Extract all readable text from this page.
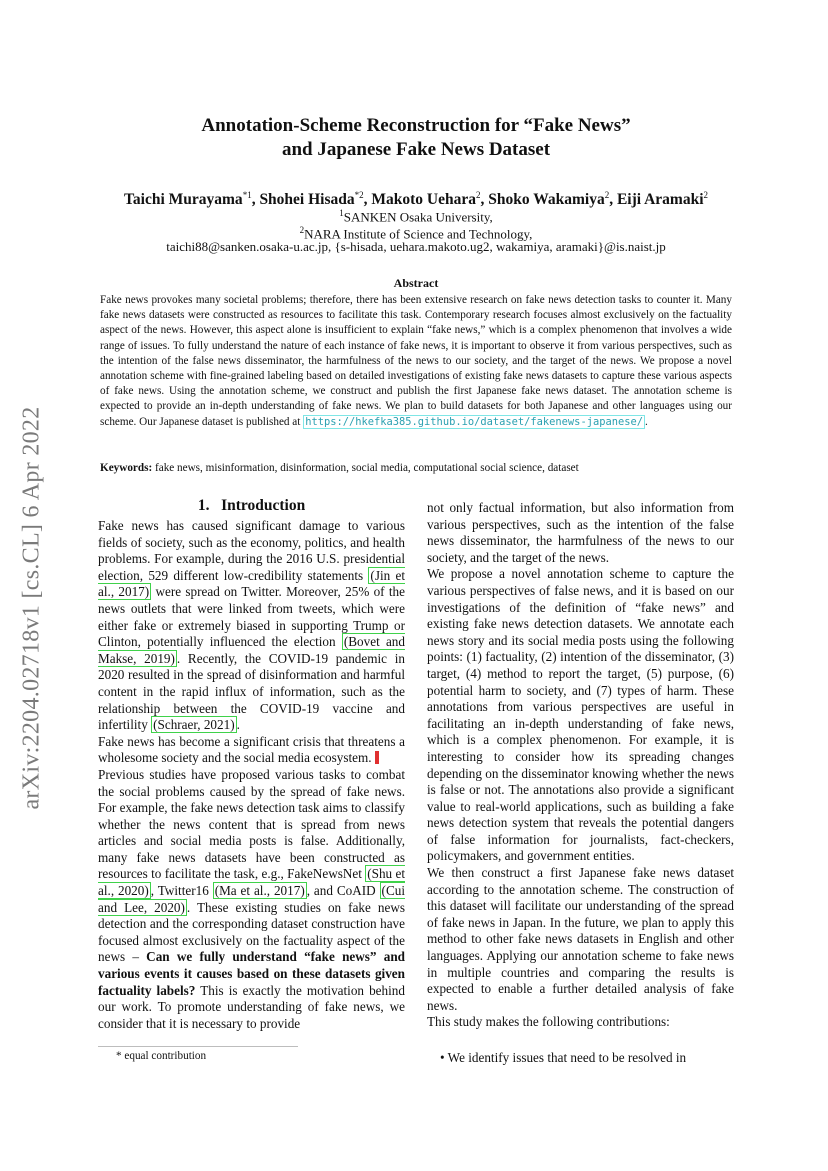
arXiv:2204.02718v1 [cs.CL] 6 Apr 2022
Annotation-Scheme Reconstruction for “Fake News”
and Japanese Fake News Dataset
Taichi Murayama$^{*1}$, Shohei Hisada$^{*2}$, Makoto Uehara$^2$, Shoko Wakamiya$^2$, Eiji Aramaki$^2$
$^1$SANKEN Osaka University,
$^2$NARA Institute of Science and Technology,
taichi88@sanken.osaka-u.ac.jp, {s-hisada, uehara.makoto.ug2, wakamiya, aramaki}@is.naist.jp
Abstract
Fake news provokes many societal problems; therefore, there has been extensive research on fake news detection tasks to counter it. Many fake news datasets were constructed as resources to facilitate this task. Contemporary research focuses almost exclusively on the factuality aspect of the news. However, this aspect alone is insufficient to explain “fake news,” which is a complex phenomenon that involves a wide range of issues. To fully understand the nature of each instance of fake news, it is important to observe it from various perspectives, such as the intention of the false news disseminator, the harmfulness of the news to our society, and the target of the news. We propose a novel annotation scheme with fine-grained labeling based on detailed investigations of existing fake news datasets to capture these various aspects of fake news. Using the annotation scheme, we construct and publish the first Japanese fake news dataset. The annotation scheme is expected to provide an in-depth understanding of fake news. We plan to build datasets for both Japanese and other languages using our scheme. Our Japanese dataset is published at https://hkefka385.github.io/dataset/fakenews-japanese/ .
Keywords: fake news, misinformation, disinformation, social media, computational social science, dataset

1. Introduction

Fake news has caused significant damage to various fields of society, such as the economy, politics, and health problems. For example, during the 2016 U.S. presidential election, 529 different low-credibility statements (Jin et al., 2017) were spread on Twitter. Moreover, 25% of the news outlets that were linked from tweets, which were either fake or extremely biased in supporting Trump or Clinton, potentially influenced the election (Bovet and Makse, 2019) . Recently, the COVID-19 pandemic in 2020 resulted in the spread of disinformation and harmful content in the rapid influx of information, such as the relationship between the COVID-19 vaccine and infertility (Schraer, 2021) .

Fake news has become a significant crisis that threatens a wholesome society and the social media ecosystem.

Previous studies have proposed various tasks to combat the social problems caused by the spread of fake news. For example, the fake news detection task aims to classify whether the news content that is spread from news articles and social media posts is false. Additionally, many fake news datasets have been constructed as resources to facilitate the task, e.g., FakeNewsNet (Shu et al., 2020) , Twitter16 (Ma et al., 2017) , and CoAID (Cui and Lee, 2020) . These existing studies on fake news detection and the corresponding dataset construction have focused almost exclusively on the factuality aspect of the news – Can we fully understand “fake news” and various events it causes based on these datasets given factuality labels? This is exactly the motivation behind our work. To promote understanding of fake news, we consider that it is necessary to provide

not only factual information, but also information from various perspectives, such as the intention of the false news disseminator, the harmfulness of the news to our society, and the target of the news.

We propose a novel annotation scheme to capture the various perspectives of false news, and it is based on our investigations of the definition of “fake news” and existing fake news detection datasets. We annotate each news story and its social media posts using the following points: (1) factuality, (2) intention of the disseminator, (3) target, (4) method to report the target, (5) purpose, (6) potential harm to society, and (7) types of harm. These annotations from various perspectives are useful in facilitating an in-depth understanding of fake news, which is a complex phenomenon. For example, it is interesting to consider how its spreading changes depending on the disseminator knowing whether the news is false or not. The annotations also provide a significant value to real-world applications, such as building a fake news detection system that reveals the potential dangers of false information for journalists, fact-checkers, policymakers, and government entities.

We then construct a first Japanese fake news dataset according to the annotation scheme. The construction of this dataset will facilitate our understanding of the spread of fake news in Japan. In the future, we plan to apply this method to other fake news datasets in English and other languages. Applying our annotation scheme to fake news in multiple countries and comparing the results is expected to enable a further detailed analysis of fake news.

This study makes the following contributions:

* equal contribution	• We identify issues that need to be resolved in
